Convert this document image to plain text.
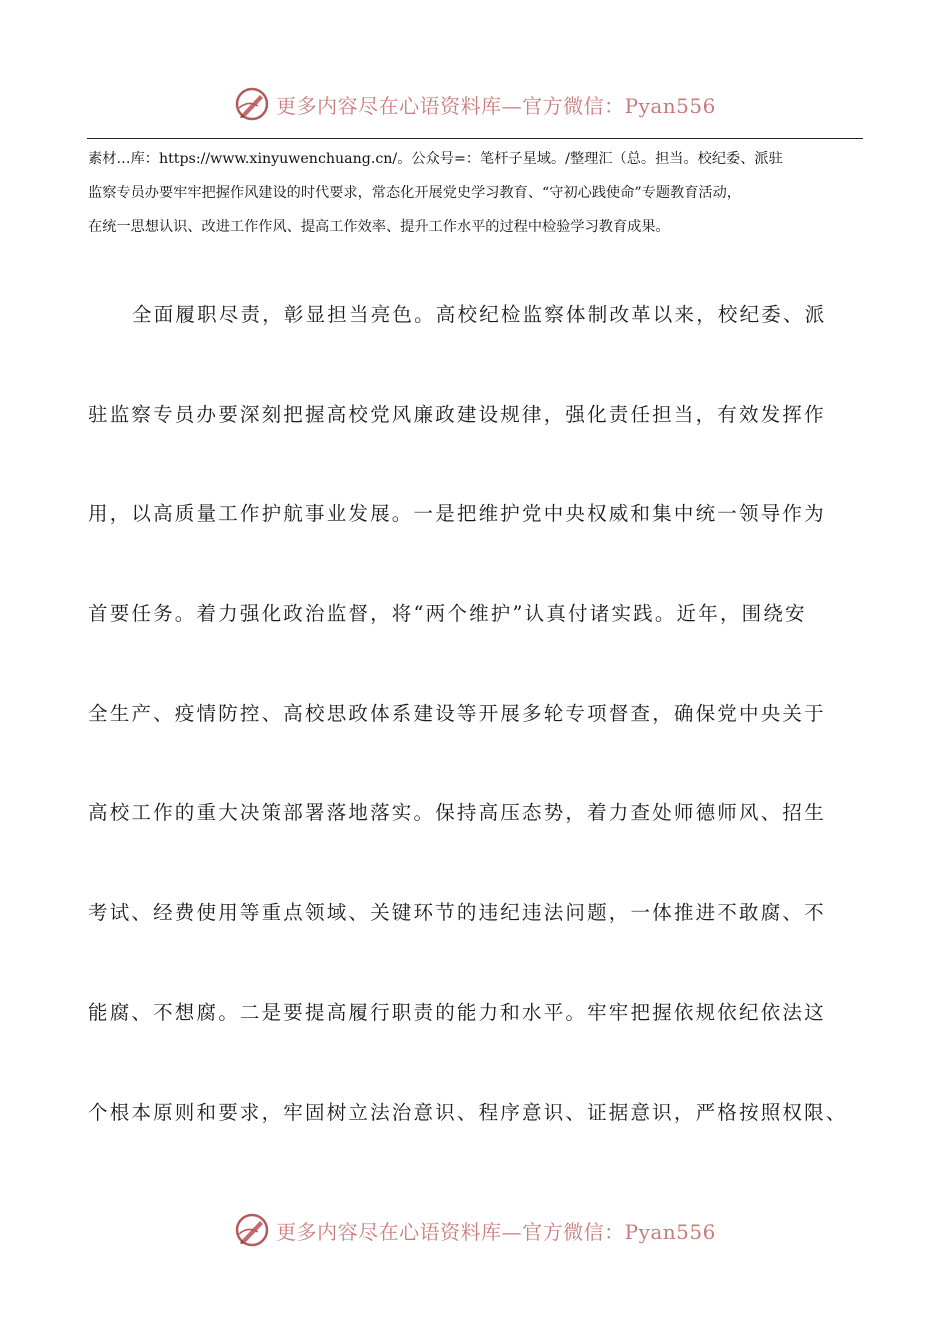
更多内容尽在心语资料库—官方微信：Pyan556
素材…库：https://www.xinyuwenchuang.cn/。公众号=：笔杆子星域。/整理汇（总。担当。校纪委、派驻
监察专员办要牢牢把握作风建设的时代要求，常态化开展党史学习教育、“守初心践使命”专题教育活动，
在统一思想认识、改进工作作风、提高工作效率、提升工作水平的过程中检验学习教育成果。
全面履职尽责，彰显担当亮色。高校纪检监察体制改革以来，校纪委、派
驻监察专员办要深刻把握高校党风廉政建设规律，强化责任担当，有效发挥作
用，以高质量工作护航事业发展。一是把维护党中央权威和集中统一领导作为
首要任务。着力强化政治监督，将“两个维护”认真付诸实践。近年，围绕安
全生产、疫情防控、高校思政体系建设等开展多轮专项督查，确保党中央关于
高校工作的重大决策部署落地落实。保持高压态势，着力查处师德师风、招生
考试、经费使用等重点领域、关键环节的违纪违法问题，一体推进不敢腐、不
能腐、不想腐。二是要提高履行职责的能力和水平。牢牢把握依规依纪依法这
个根本原则和要求，牢固树立法治意识、程序意识、证据意识，严格按照权限、
更多内容尽在心语资料库—官方微信：Pyan556
